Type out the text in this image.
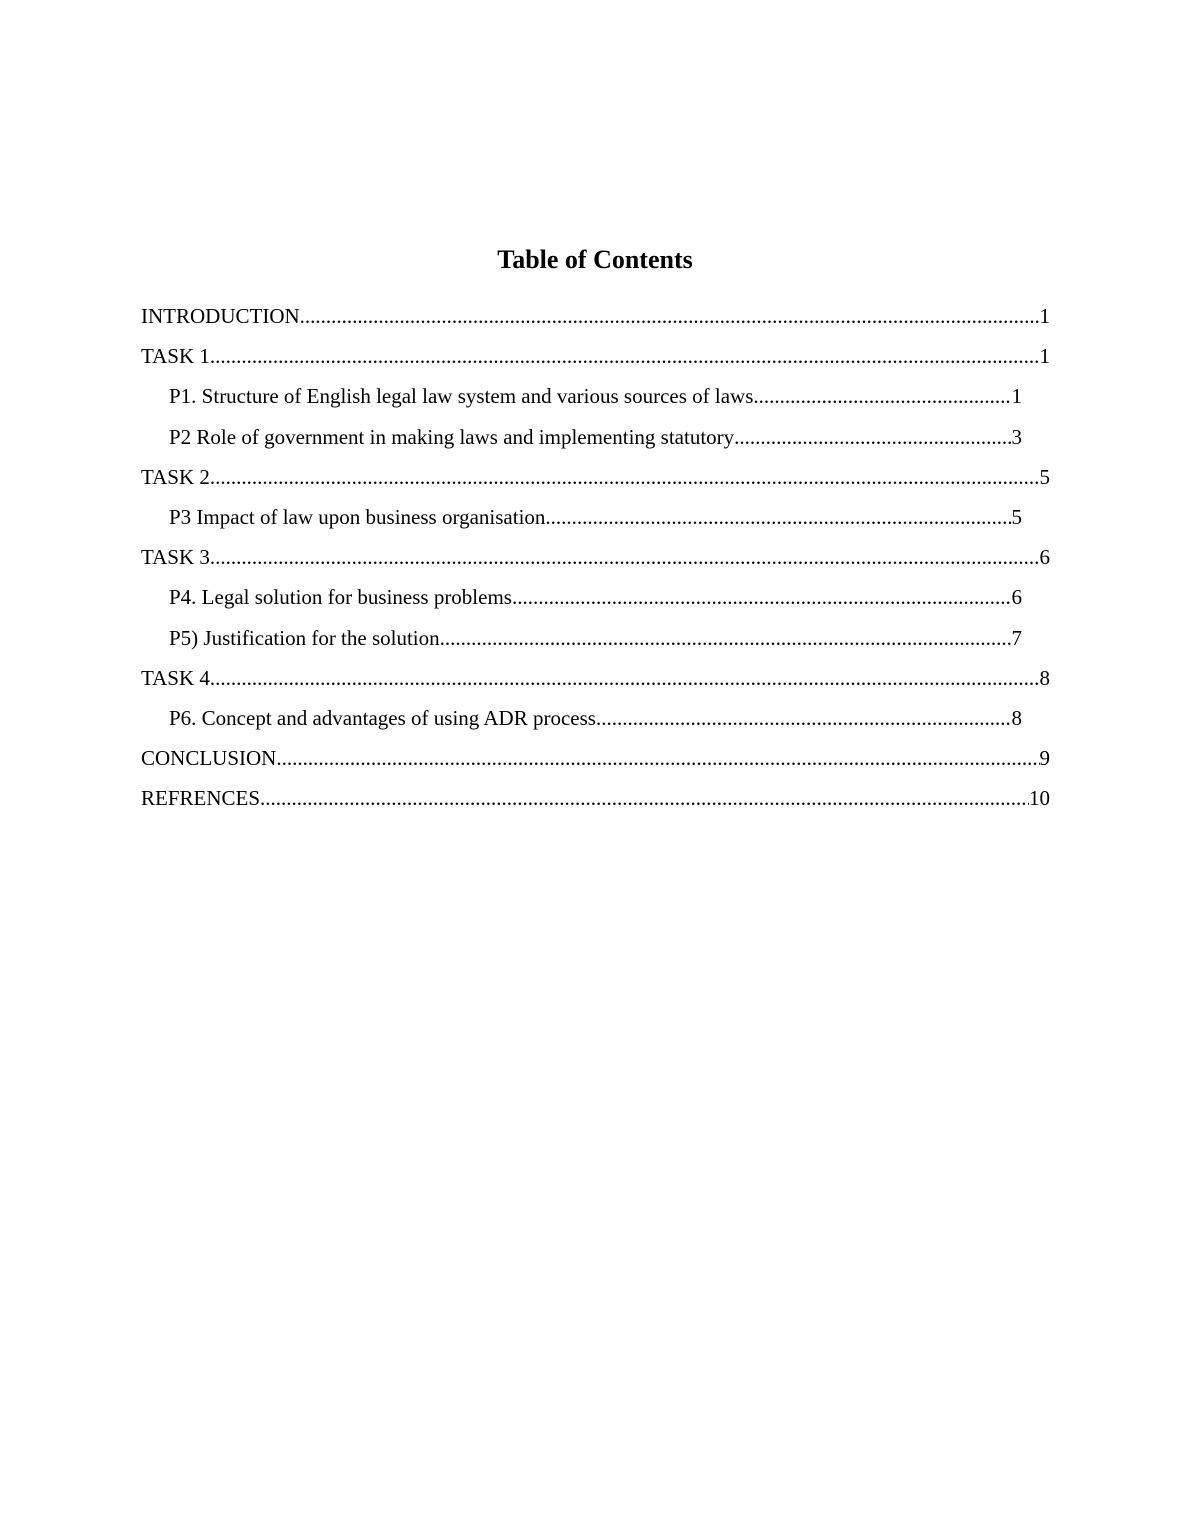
Table of Contents
INTRODUCTION .....	1
TASK 1 .....	1
P1. Structure of English legal law system and various sources of laws .....	1
P2 Role of government in making laws and implementing statutory .....	3
TASK 2 .....	5
P3 Impact of law upon business organisation .....	5
TASK 3 .....	6
P4. Legal solution for business problems .....	6
P5) Justification for the solution .....	7
TASK 4 .....	8
P6. Concept and advantages of using ADR process .....	8
CONCLUSION .....	9
REFRENCES .....	10
